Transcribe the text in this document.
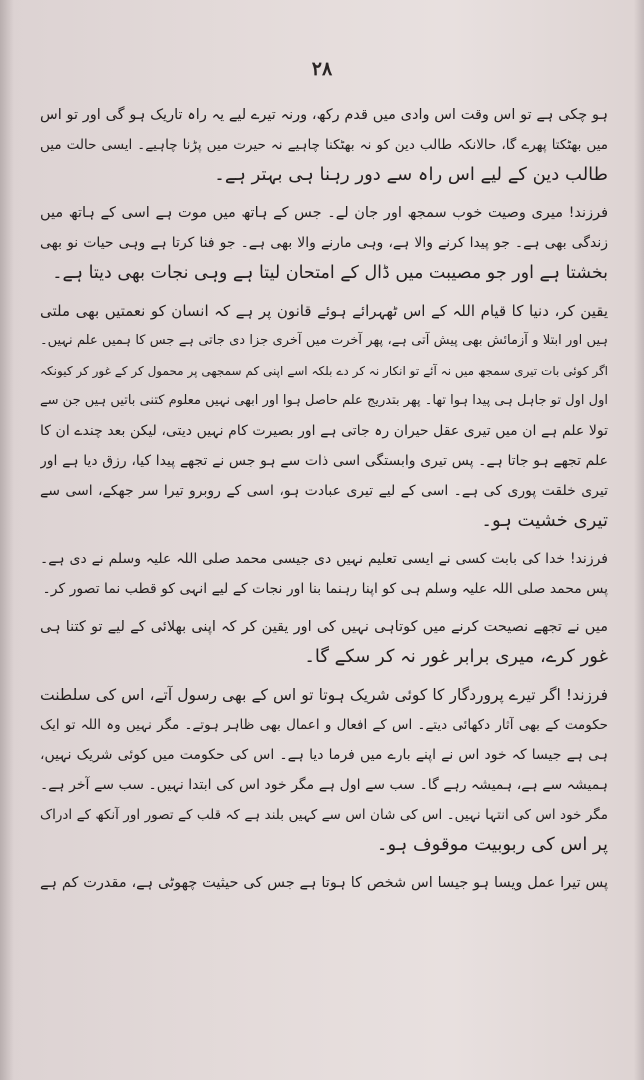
۲۸
ہو چکی ہے تو اس وقت اس وادی میں قدم رکھ، ورنہ تیرے لیے یہ راہ تاریک ہو گی اور تو اس
میں بھٹکتا پھرے گا، حالانکہ طالب دین کو نہ بھٹکنا چاہیے نہ حیرت میں پڑنا چاہیے۔ ایسی حالت میں
طالب دین کے لیے اس راہ سے دور رہنا ہی بہتر ہے۔
فرزند! میری وصیت خوب سمجھ اور جان لے۔ جس کے ہاتھ میں موت ہے اسی کے ہاتھ میں
زندگی بھی ہے۔ جو پیدا کرنے والا ہے، وہی مارنے والا بھی ہے۔ جو فنا کرتا ہے وہی حیات نو بھی
بخشتا ہے اور جو مصیبت میں ڈال کے امتحان لیتا ہے وہی نجات بھی دیتا ہے۔
یقین کر، دنیا کا قیام اللہ کے اس ٹھہرائے ہوئے قانون پر ہے کہ انسان کو نعمتیں بھی ملتی
ہیں اور ابتلا و آزمائش بھی پیش آتی ہے، پھر آخرت میں آخری جزا دی جاتی ہے جس کا ہمیں علم نہیں۔
اگر کوئی بات تیری سمجھ میں نہ آئے تو انکار نہ کر دے بلکہ اسے اپنی کم سمجھی پر محمول کر کے غور کر کیونکہ
اول اول تو جاہل ہی پیدا ہوا تھا۔ پھر بتدریج علم حاصل ہوا اور ابھی نہیں معلوم کتنی باتیں ہیں جن سے
تولا علم ہے ان میں تیری عقل حیران رہ جاتی ہے اور بصیرت کام نہیں دیتی، لیکن بعد چندے ان کا
علم تجھے ہو جاتا ہے۔ پس تیری وابستگی اسی ذات سے ہو جس نے تجھے پیدا کیا، رزق دیا ہے اور
تیری خلقت پوری کی ہے۔ اسی کے لیے تیری عبادت ہو، اسی کے روبرو تیرا سر جھکے، اسی سے
تیری خشیت ہو۔
فرزند! خدا کی بابت کسی نے ایسی تعلیم نہیں دی جیسی محمد صلی اللہ علیہ وسلم نے دی ہے۔
پس محمد صلی اللہ علیہ وسلم ہی کو اپنا رہنما بنا اور نجات کے لیے انہی کو قطب نما تصور کر۔
میں نے تجھے نصیحت کرنے میں کوتاہی نہیں کی اور یقین کر کہ اپنی بھلائی کے لیے تو کتنا ہی
غور کرے، میری برابر غور نہ کر سکے گا۔
فرزند! اگر تیرے پروردگار کا کوئی شریک ہوتا تو اس کے بھی رسول آتے، اس کی سلطنت
حکومت کے بھی آثار دکھائی دیتے۔ اس کے افعال و اعمال بھی ظاہر ہوتے۔ مگر نہیں وہ اللہ تو ایک
ہی ہے جیسا کہ خود اس نے اپنے بارے میں فرما دیا ہے۔ اس کی حکومت میں کوئی شریک نہیں،
ہمیشہ سے ہے، ہمیشہ رہے گا۔ سب سے اول ہے مگر خود اس کی ابتدا نہیں۔ سب سے آخر ہے۔
مگر خود اس کی انتہا نہیں۔ اس کی شان اس سے کہیں بلند ہے کہ قلب کے تصور اور آنکھ کے ادراک
پر اس کی ربوبیت موقوف ہو۔
پس تیرا عمل ویسا ہو جیسا اس شخص کا ہوتا ہے جس کی حیثیت چھوٹی ہے، مقدرت کم ہے
